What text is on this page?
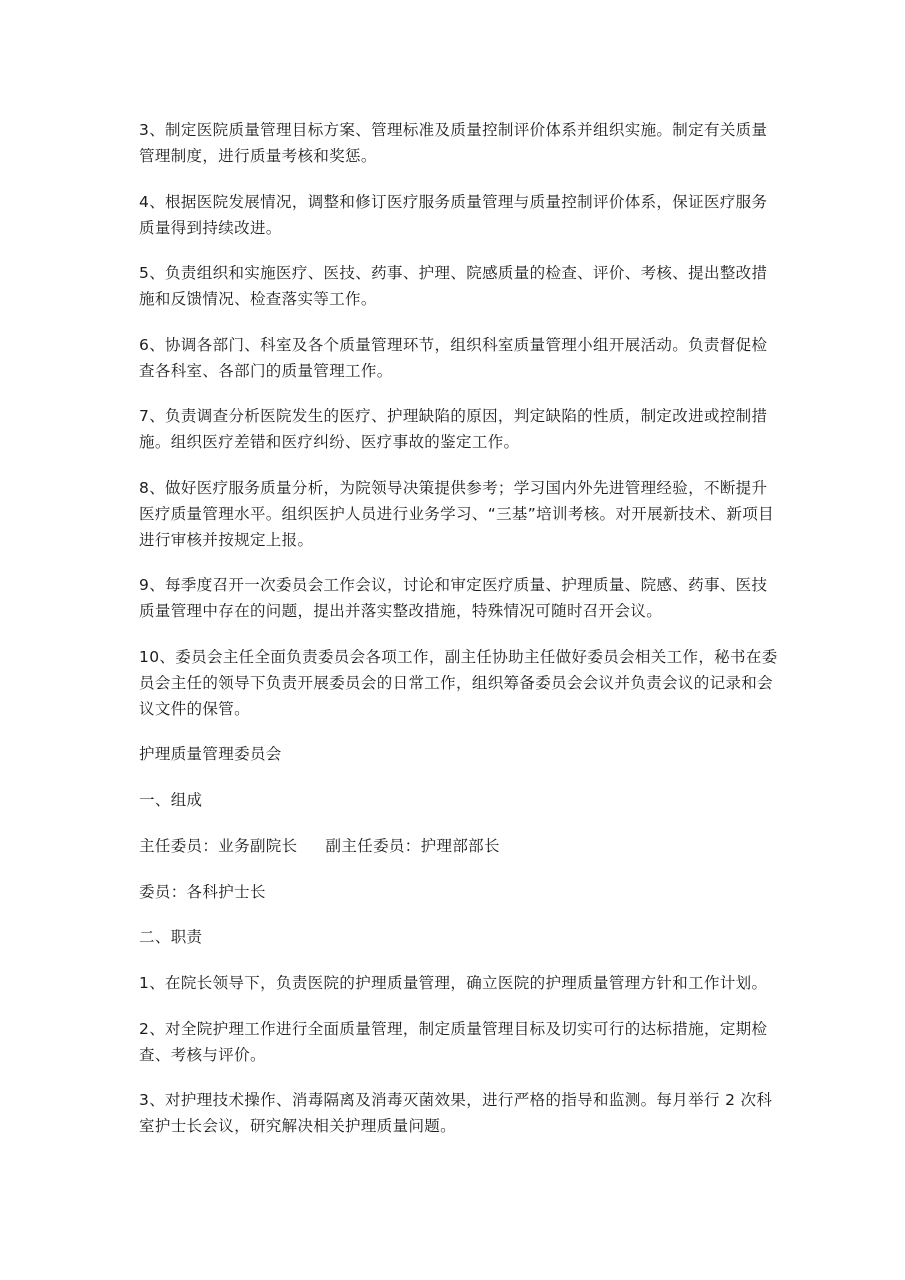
3、制定医院质量管理目标方案、管理标准及质量控制评价体系并组织实施。制定有关质量管理制度，进行质量考核和奖惩。

4、根据医院发展情况，调整和修订医疗服务质量管理与质量控制评价体系，保证医疗服务质量得到持续改进。

5、负责组织和实施医疗、医技、药事、护理、院感质量的检查、评价、考核、提出整改措施和反馈情况、检查落实等工作。

6、协调各部门、科室及各个质量管理环节，组织科室质量管理小组开展活动。负责督促检查各科室、各部门的质量管理工作。

7、负责调查分析医院发生的医疗、护理缺陷的原因，判定缺陷的性质，制定改进或控制措施。组织医疗差错和医疗纠纷、医疗事故的鉴定工作。

8、做好医疗服务质量分析，为院领导决策提供参考；学习国内外先进管理经验，不断提升医疗质量管理水平。组织医护人员进行业务学习、“三基”培训考核。对开展新技术、新项目进行审核并按规定上报。

9、每季度召开一次委员会工作会议，讨论和审定医疗质量、护理质量、院感、药事、医技质量管理中存在的问题，提出并落实整改措施，特殊情况可随时召开会议。

10、委员会主任全面负责委员会各项工作，副主任协助主任做好委员会相关工作，秘书在委员会主任的领导下负责开展委员会的日常工作，组织筹备委员会会议并负责会议的记录和会议文件的保管。

护理质量管理委员会

一、组成

主任委员：业务副院长 副主任委员：护理部部长

委员：各科护士长

二、职责

1、在院长领导下，负责医院的护理质量管理，确立医院的护理质量管理方针和工作计划。

2、对全院护理工作进行全面质量管理，制定质量管理目标及切实可行的达标措施，定期检查、考核与评价。

3、对护理技术操作、消毒隔离及消毒灭菌效果，进行严格的指导和监测。每月举行 2 次科室护士长会议，研究解决相关护理质量问题。
